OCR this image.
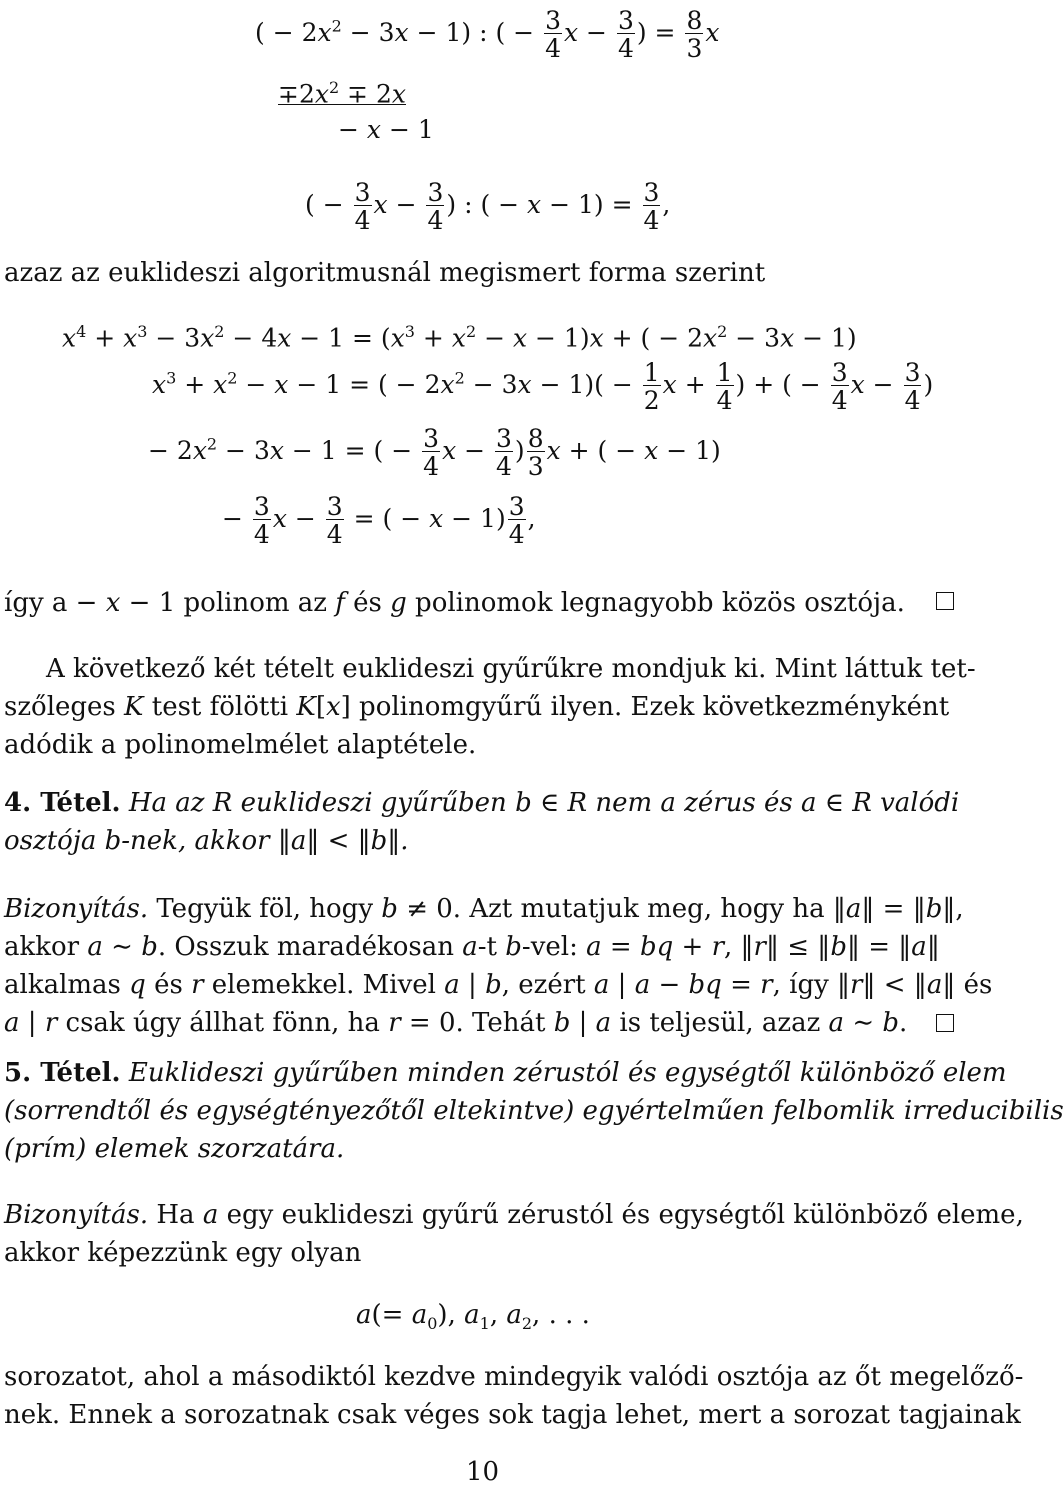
( − $2x^2 - 3x - 1$) : ( − $\frac{3}{4}$ $x - \frac{3}{4}$ ) = $\frac{8}{3}$ x
$\mp 2x^2 \mp 2x$
− x − 1
( − $\frac{3}{4}$ $x - \frac{3}{4}$ ) : ( − $x - 1) = \frac{3}{4}$ ,
azaz az euklideszi algoritmusnál megismert forma szerint
$x^4 + x^3 - 3x^2 - 4x - 1 = (x^3 + x^2 - x - 1)x$ + ( − $2x^2 - 3x - 1$)
$x^3 + x^2 - x - 1$ = ( − $2x^2 - 3x - 1)( - \frac{1}{2}$ $x + \frac{1}{4}$ ) + ( − $\frac{3}{4}$ $x - \frac{3}{4}$ )
− $2x^2 - 3x - 1$ = ( − $\frac{3}{4}$ $x - \frac{3}{4}$ ) $\frac{8}{3}$ x + ( − x − 1)
− $\frac{3}{4}$ $x - \frac{3}{4}$ = ( − $x - 1) \frac{3}{4}$ ,
így a − x − 1 polinom az f és g polinomok legnagyobb közös osztója.
A következő két tételt euklideszi gyűrűkre mondjuk ki. Mint láttuk tet-
szőleges K test fölötti K[x] polinomgyűrű ilyen. Ezek következményként
adódik a polinomelmélet alaptétele.
4. Tétel. Ha az R euklideszi gyűrűben b ∈ R nem a zérus és a ∈ R valódi
osztója b-nek, akkor ‖a‖ < ‖b‖.
Bizonyítás. Tegyük föl, hogy b ≠ 0. Azt mutatjuk meg, hogy ha ‖a‖ = ‖b‖,
akkor a ∼ b. Osszuk maradékosan a-t b-vel: a = bq + r, ‖r‖ ≤ ‖b‖ = ‖a‖
alkalmas q és r elemekkel. Mivel a | b, ezért a | a − bq = r, így ‖r‖ < ‖a‖ és
a | r csak úgy állhat fönn, ha r = 0. Tehát b | a is teljesül, azaz a ∼ b.
5. Tétel. Euklideszi gyűrűben minden zérustól és egységtől különböző elem
(sorrendtől és egységtényezőtől eltekintve) egyértelműen felbomlik irreducibilis
(prím) elemek szorzatára.
Bizonyítás. Ha a egy euklideszi gyűrű zérustól és egységtől különböző eleme,
akkor képezzünk egy olyan
$a(= a_0)$, $a_1$, $a_2$, . . .
sorozatot, ahol a másodiktól kezdve mindegyik valódi osztója az őt megelőző-
nek. Ennek a sorozatnak csak véges sok tagja lehet, mert a sorozat tagjainak
10
